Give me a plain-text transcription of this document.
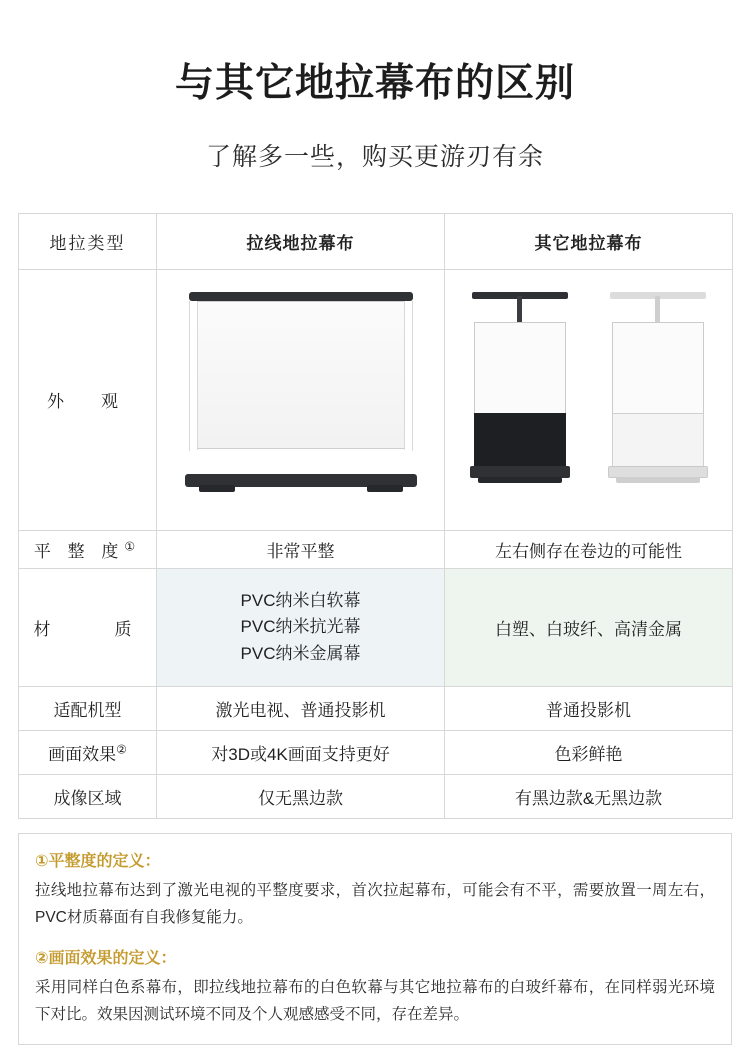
与其它地拉幕布的区别
了解多一些，购买更游刃有余
地拉类型	拉线地拉幕布	其它地拉幕布
外　观	

平 整 度①	非常平整	左右侧存在卷边的可能性
材　　质	PVC纳米白软幕
PVC纳米抗光幕
PVC纳米金属幕	白塑、白玻纤、高清金属
适配机型	激光电视、普通投影机	普通投影机
画面效果②	对3D或4K画面支持更好	色彩鲜艳
成像区域	仅无黑边款	有黑边款&无黑边款
①平整度的定义：
拉线地拉幕布达到了激光电视的平整度要求，首次拉起幕布，可能会有不平，需要放置一周左右，PVC材质幕面有自我修复能力。
②画面效果的定义：
采用同样白色系幕布，即拉线地拉幕布的白色软幕与其它地拉幕布的白玻纤幕布，在同样弱光环境下对比。效果因测试环境不同及个人观感感受不同，存在差异。
